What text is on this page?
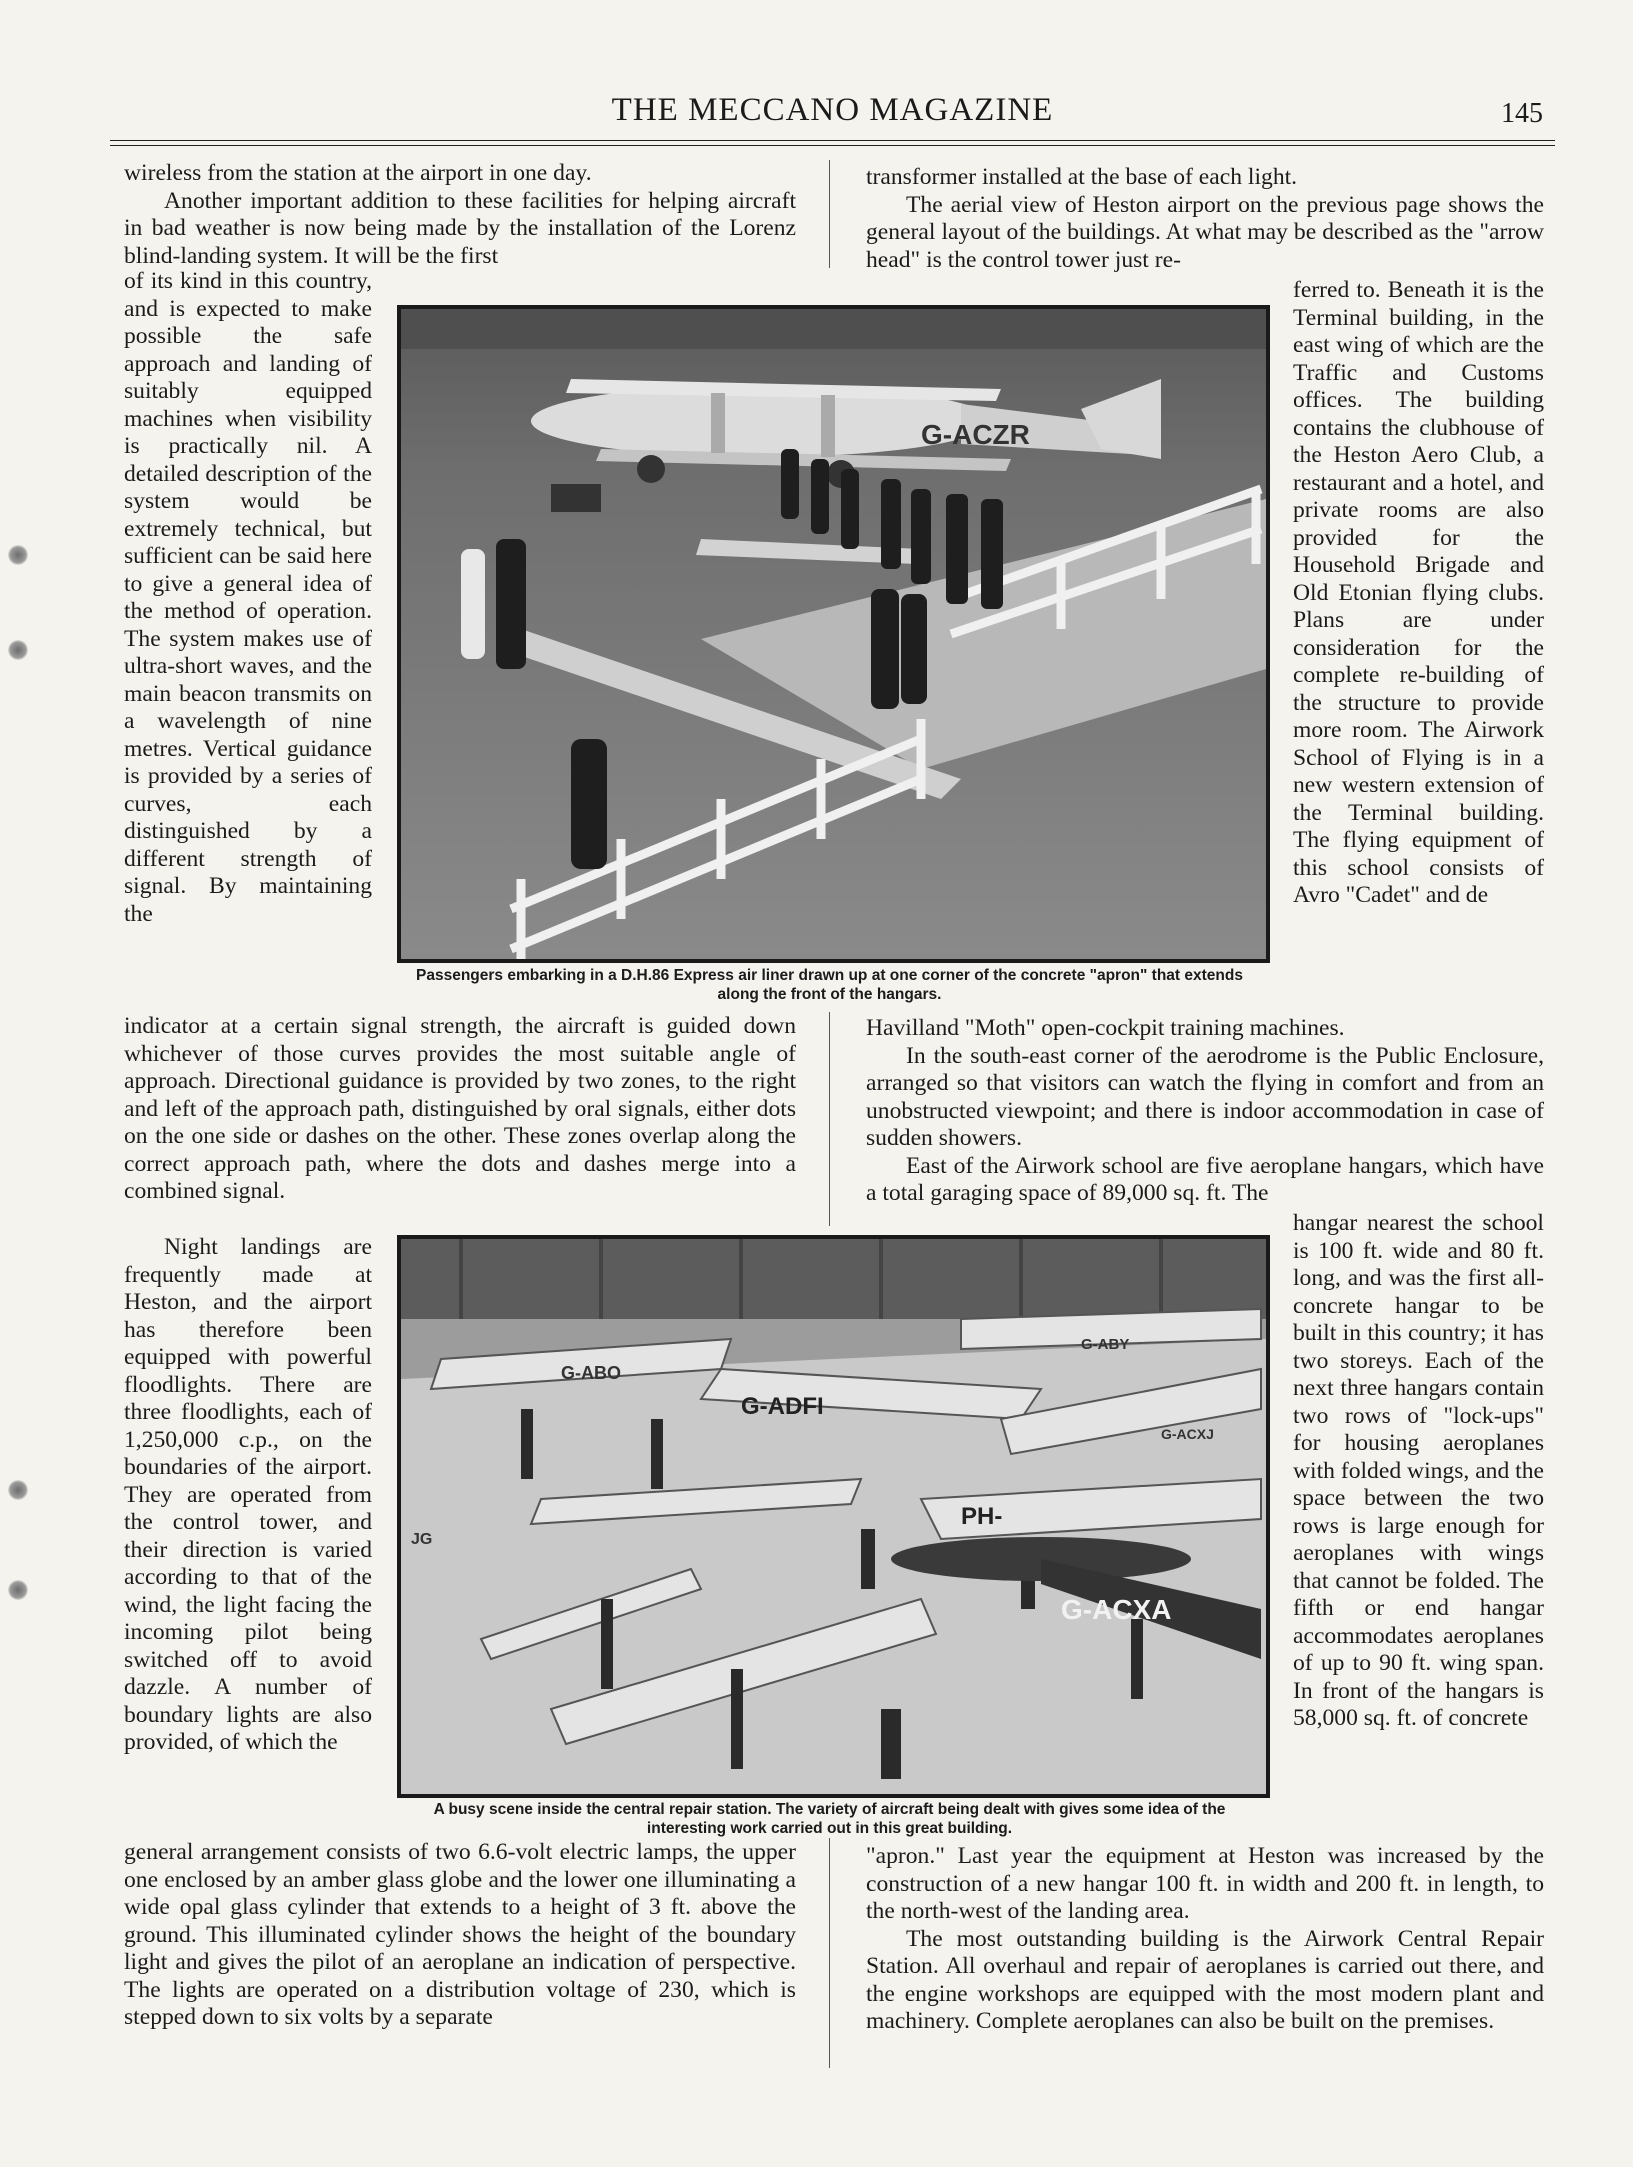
THE MECCANO MAGAZINE	145

wireless from the station at the airport in one day.

Another important addition to these facilities for helping aircraft in bad weather is now being made by the installation of the Lorenz blind-landing system. It will be the first

of its kind in this country, and is expected to make possible the safe approach and landing of suitably equipped machines when visibility is practically nil. A detailed description of the system would be extremely technical, but sufficient can be said here to give a general idea of the method of operation. The system makes use of ultra-short waves, and the main beacon transmits on a wavelength of nine metres. Vertical guidance is provided by a series of curves, each distinguished by a different strength of signal. By maintaining the

indicator at a certain signal strength, the aircraft is guided down whichever of those curves provides the most suitable angle of approach. Directional guidance is provided by two zones, to the right and left of the approach path, distinguished by oral signals, either dots on the one side or dashes on the other. These zones overlap along the correct approach path, where the dots and dashes merge into a combined signal.

Night landings are frequently made at Heston, and the airport has therefore been equipped with powerful floodlights. There are three floodlights, each of 1,250,000 c.p., on the boundaries of the airport. They are operated from the control tower, and their direction is varied according to that of the wind, the light facing the incoming pilot being switched off to avoid dazzle. A number of boundary lights are also provided, of which the

general arrangement consists of two 6.6-volt electric lamps, the upper one enclosed by an amber glass globe and the lower one illuminating a wide opal glass cylinder that extends to a height of 3 ft. above the ground. This illuminated cylinder shows the height of the boundary light and gives the pilot of an aeroplane an indication of perspective. The lights are operated on a distribution voltage of 230, which is stepped down to six volts by a separate

transformer installed at the base of each light.

The aerial view of Heston airport on the previous page shows the general layout of the buildings. At what may be described as the "arrow head" is the control tower just re-

ferred to. Beneath it is the Terminal building, in the east wing of which are the Traffic and Customs offices. The building contains the clubhouse of the Heston Aero Club, a restaurant and a hotel, and private rooms are also provided for the Household Brigade and Old Etonian flying clubs. Plans are under consideration for the complete re-building of the structure to provide more room. The Airwork School of Flying is in a new western extension of the Terminal building. The flying equipment of this school consists of Avro "Cadet" and de

Havilland "Moth" open-cockpit training machines.

In the south-east corner of the aerodrome is the Public Enclosure, arranged so that visitors can watch the flying in comfort and from an unobstructed viewpoint; and there is indoor accommodation in case of sudden showers.

East of the Airwork school are five aeroplane hangars, which have a total garaging space of 89,000 sq. ft. The

hangar nearest the school is 100 ft. wide and 80 ft. long, and was the first all-concrete hangar to be built in this country; it has two storeys. Each of the next three hangars contain two rows of "lock-ups" for housing aeroplanes with folded wings, and the space between the two rows is large enough for aeroplanes with wings that cannot be folded. The fifth or end hangar accommodates aeroplanes of up to 90 ft. wing span. In front of the hangars is 58,000 sq. ft. of concrete

"apron." Last year the equipment at Heston was increased by the construction of a new hangar 100 ft. in width and 200 ft. in length, to the north-west of the landing area.

The most outstanding building is the Airwork Central Repair Station. All overhaul and repair of aeroplanes is carried out there, and the engine workshops are equipped with the most modern plant and machinery. Complete aeroplanes can also be built on the premises.

G-ACZR
Passengers embarking in a D.H.86 Express air liner drawn up at one corner of the concrete "apron" that extends along the front of the hangars.
G-ABO
G-ADFI
G-ACXA
PH-
JG
G-ABY
G-ACXJ
A busy scene inside the central repair station. The variety of aircraft being dealt with gives some idea of the interesting work carried out in this great building.
